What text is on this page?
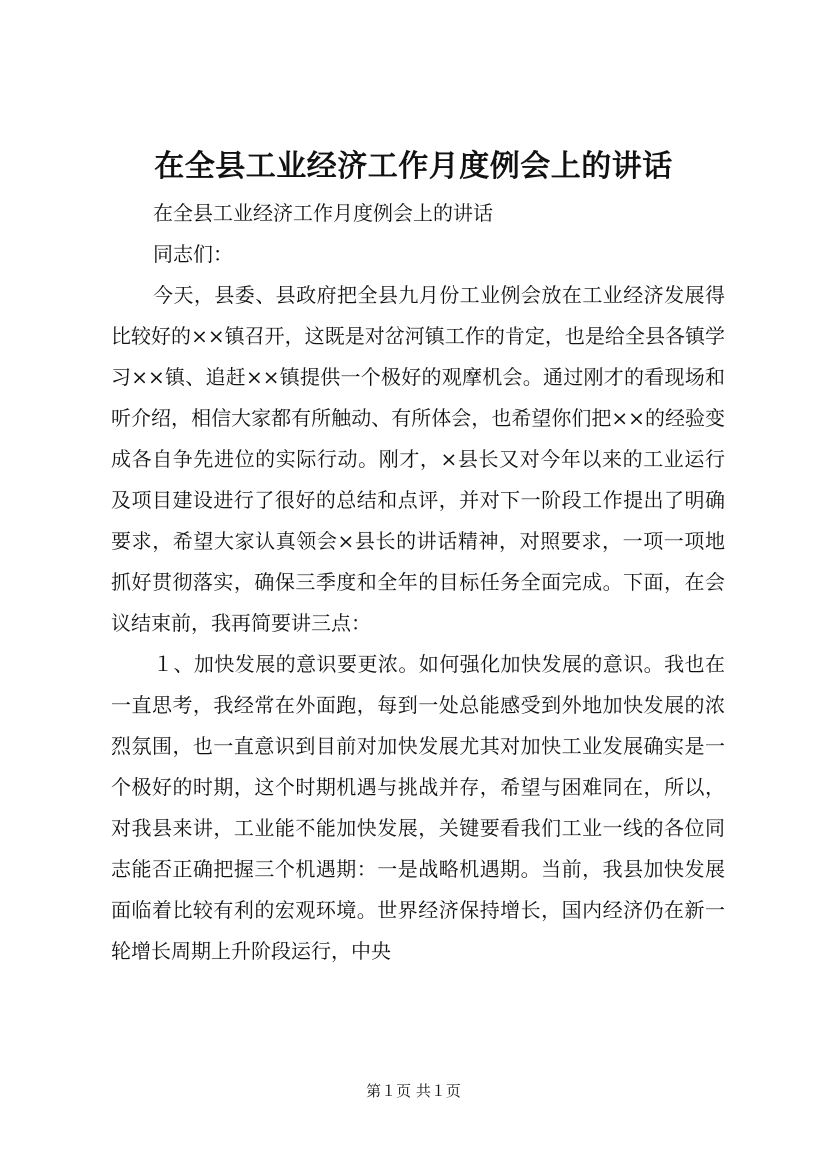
在全县工业经济工作月度例会上的讲话

在全县工业经济工作月度例会上的讲话

同志们：

今天，县委、县政府把全县九月份工业例会放在工业经济发展得比较好的××镇召开，这既是对岔河镇工作的肯定，也是给全县各镇学习××镇、追赶××镇提供一个极好的观摩机会。通过刚才的看现场和听介绍，相信大家都有所触动、有所体会，也希望你们把××的经验变成各自争先进位的实际行动。刚才，×县长又对今年以来的工业运行及项目建设进行了很好的总结和点评，并对下一阶段工作提出了明确要求，希望大家认真领会×县长的讲话精神，对照要求，一项一项地抓好贯彻落实，确保三季度和全年的目标任务全面完成。下面，在会议结束前，我再简要讲三点：

１、加快发展的意识要更浓。如何强化加快发展的意识。我也在一直思考，我经常在外面跑，每到一处总能感受到外地加快发展的浓烈氛围，也一直意识到目前对加快发展尤其对加快工业发展确实是一个极好的时期，这个时期机遇与挑战并存，希望与困难同在，所以，对我县来讲，工业能不能加快发展，关键要看我们工业一线的各位同志能否正确把握三个机遇期：一是战略机遇期。当前，我县加快发展面临着比较有利的宏观环境。世界经济保持增长，国内经济仍在新一轮增长周期上升阶段运行，中央

第１页 共１页
